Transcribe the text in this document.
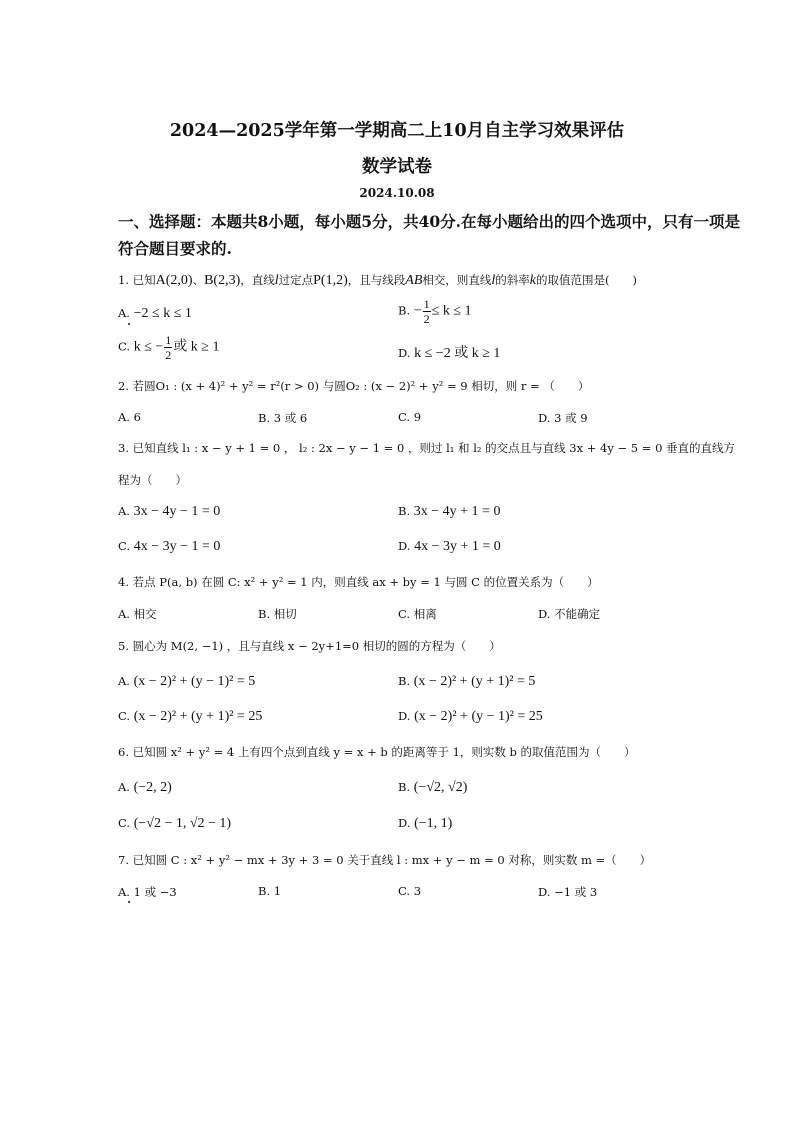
2024—2025学年第一学期高二上10月自主学习效果评估
数学试卷
2024.10.08
一、选择题：本题共8小题，每小题5分，共40分.在每小题给出的四个选项中，只有一项是
符合题目要求的.
1. 已知A(2,0)、B(2,3)，直线l过定点P(1,2)，且与线段AB相交，则直线l的斜率k的取值范围是(　　)
A. −2 ≤ k ≤ 1	B. − $\frac{1}{2} \le k \le 1$
C. k ≤ − $\frac{1}{2}$ 或 k ≥ 1	D. k ≤ −2 或 k ≥ 1
2. 若圆O₁ : (x + 4)² + y² = r²(r > 0) 与圆O₂ : (x − 2)² + y² = 9 相切，则 r = （　　）
A. 6	B. 3 或 6	C. 9	D. 3 或 9
3. 已知直线 l₁ : x − y + 1 = 0 ， l₂ : 2x − y − 1 = 0 ，则过 l₁ 和 l₂ 的交点且与直线 3x + 4y − 5 = 0 垂直的直线方
程为（　　）
A. 3x − 4y − 1 = 0	B. 3x − 4y + 1 = 0
C. 4x − 3y − 1 = 0	D. 4x − 3y + 1 = 0
4. 若点 P(a, b) 在圆 C: x² + y² = 1 内，则直线 ax + by = 1 与圆 C 的位置关系为（　　）
A. 相交	B. 相切	C. 相离	D. 不能确定
5. 圆心为 M(2, −1) ，且与直线 x − 2y+1=0 相切的圆的方程为（　　）
A. (x − 2)² + (y − 1)² = 5	B. (x − 2)² + (y + 1)² = 5
C. (x − 2)² + (y + 1)² = 25	D. (x − 2)² + (y − 1)² = 25
6. 已知圆 x² + y² = 4 上有四个点到直线 y = x + b 的距离等于 1，则实数 b 的取值范围为（　　）
A. (−2, 2)	B. (−√2, √2)
C. (−√2 − 1, √2 − 1)	D. (−1, 1)
7. 已知圆 C : x² + y² − mx + 3y + 3 = 0 关于直线 l : mx + y − m = 0 对称，则实数 m =（　　）
A. 1 或 −3	B. 1	C. 3	D. −1 或 3
